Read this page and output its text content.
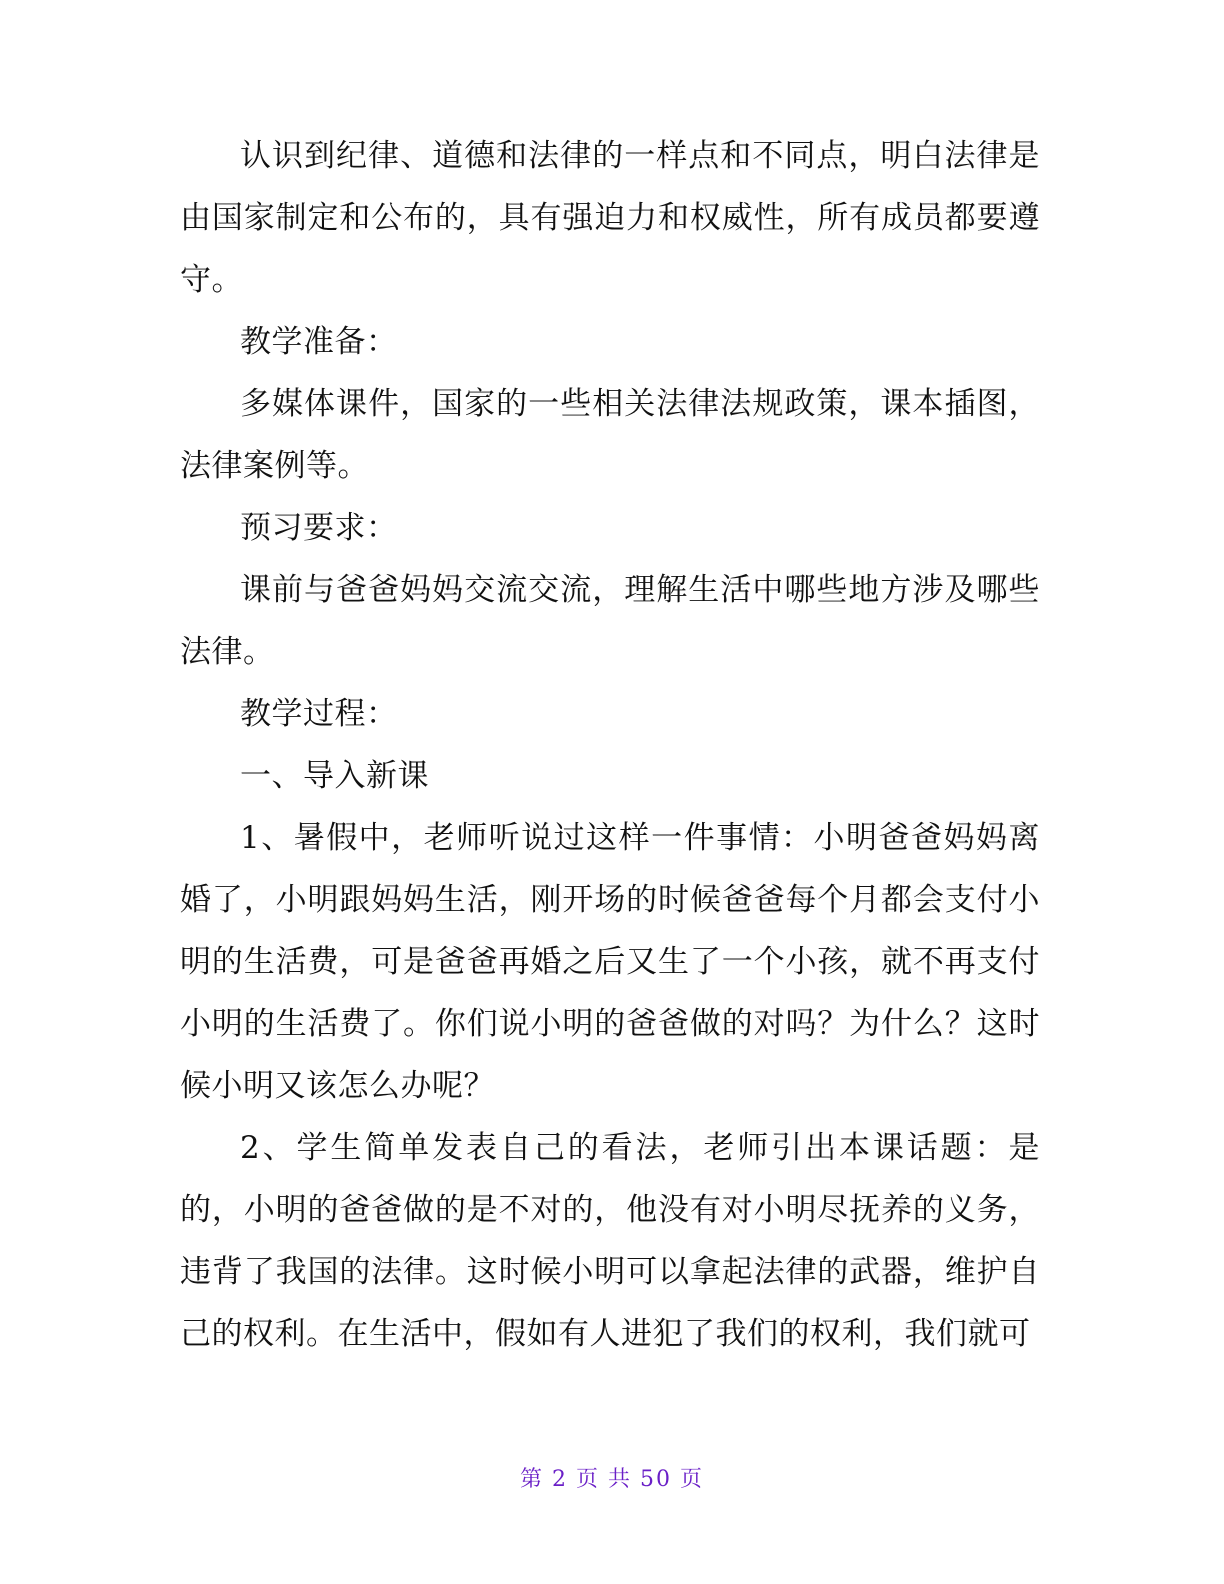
认识到纪律、道德和法律的一样点和不同点，明白法律是由国家制定和公布的，具有强迫力和权威性，所有成员都要遵守。

教学准备：

多媒体课件，国家的一些相关法律法规政策，课本插图，法律案例等。

预习要求：

课前与爸爸妈妈交流交流，理解生活中哪些地方涉及哪些法律。

教学过程：

一、导入新课

1、暑假中，老师听说过这样一件事情：小明爸爸妈妈离婚了，小明跟妈妈生活，刚开场的时候爸爸每个月都会支付小明的生活费，可是爸爸再婚之后又生了一个小孩，就不再支付小明的生活费了。你们说小明的爸爸做的对吗？为什么？这时候小明又该怎么办呢？

2、学生简单发表自己的看法，老师引出本课话题：是的，小明的爸爸做的是不对的，他没有对小明尽抚养的义务，违背了我国的法律。这时候小明可以拿起法律的武器，维护自己的权利。在生活中，假如有人进犯了我们的权利，我们就可

第 2 页 共 50 页
